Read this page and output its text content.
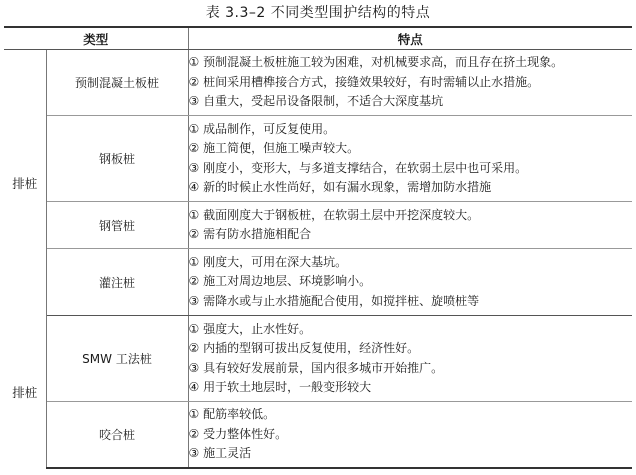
表 3.3–2 不同类型围护结构的特点
类型		特点
排桩	预制混凝土板桩	① 预制混凝土板桩施工较为困难，对机械要求高，而且存在挤土现象。
② 桩间采用槽榫接合方式，接缝效果较好，有时需辅以止水措施。
③ 自重大，受起吊设备限制，不适合大深度基坑

	钢板桩	① 成品制作，可反复使用。
② 施工简便，但施工噪声较大。
③ 刚度小，变形大，与多道支撑结合，在软弱土层中也可采用。
④ 新的时候止水性尚好，如有漏水现象，需增加防水措施

	钢管桩	① 截面刚度大于钢板桩，在软弱土层中开挖深度较大。
② 需有防水措施相配合

	灌注桩	① 刚度大，可用在深大基坑。
② 施工对周边地层、环境影响小。
③ 需降水或与止水措施配合使用，如搅拌桩、旋喷桩等

排桩	SMW 工法桩	① 强度大，止水性好。
② 内插的型钢可拔出反复使用，经济性好。
③ 具有较好发展前景，国内很多城市开始推广。
④ 用于软土地层时，一般变形较大

	咬合桩	① 配筋率较低。
② 受力整体性好。
③ 施工灵活
